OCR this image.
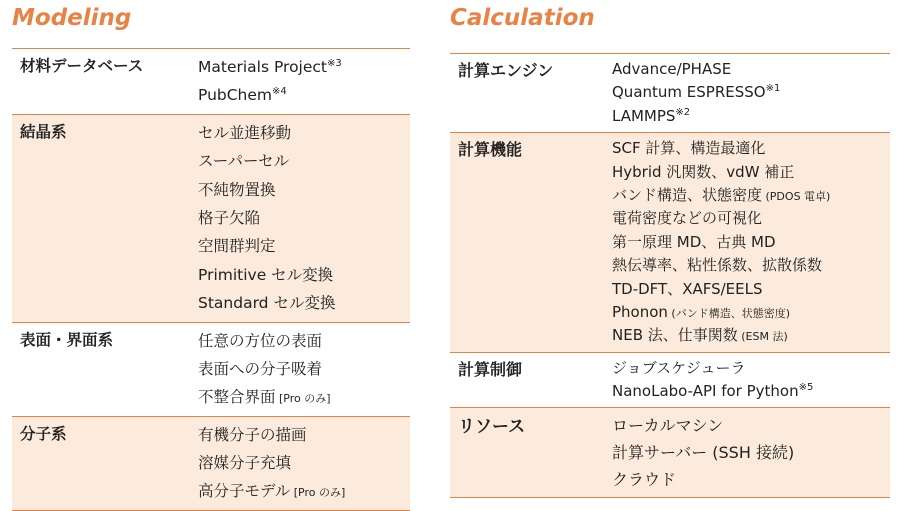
Modeling
材料データベース	Materials Project$^{※3}$
PubChem$^{※4}$
結晶系	セル並進移動
スーパーセル
不純物置換
格子欠陥
空間群判定
Primitive セル変換
Standard セル変換
表面・界面系	任意の方位の表面
表面への分子吸着
不整合界面 [Pro のみ]
分子系	有機分子の描画
溶媒分子充填
高分子モデル [Pro のみ]
Calculation
計算エンジン	Advance/PHASE
Quantum ESPRESSO$^{※1}$
LAMMPS$^{※2}$
計算機能	SCF 計算、構造最適化
Hybrid 汎関数、vdW 補正
バンド構造、状態密度 (PDOS 電卓)
電荷密度などの可視化
第一原理 MD、古典 MD
熱伝導率、粘性係数、拡散係数
TD-DFT、XAFS/EELS
Phonon (バンド構造、状態密度)
NEB 法、仕事関数 (ESM 法)
計算制御	ジョブスケジューラ
NanoLabo-API for Python$^{※5}$
リソース	ローカルマシン
計算サーバー (SSH 接続)
クラウド
